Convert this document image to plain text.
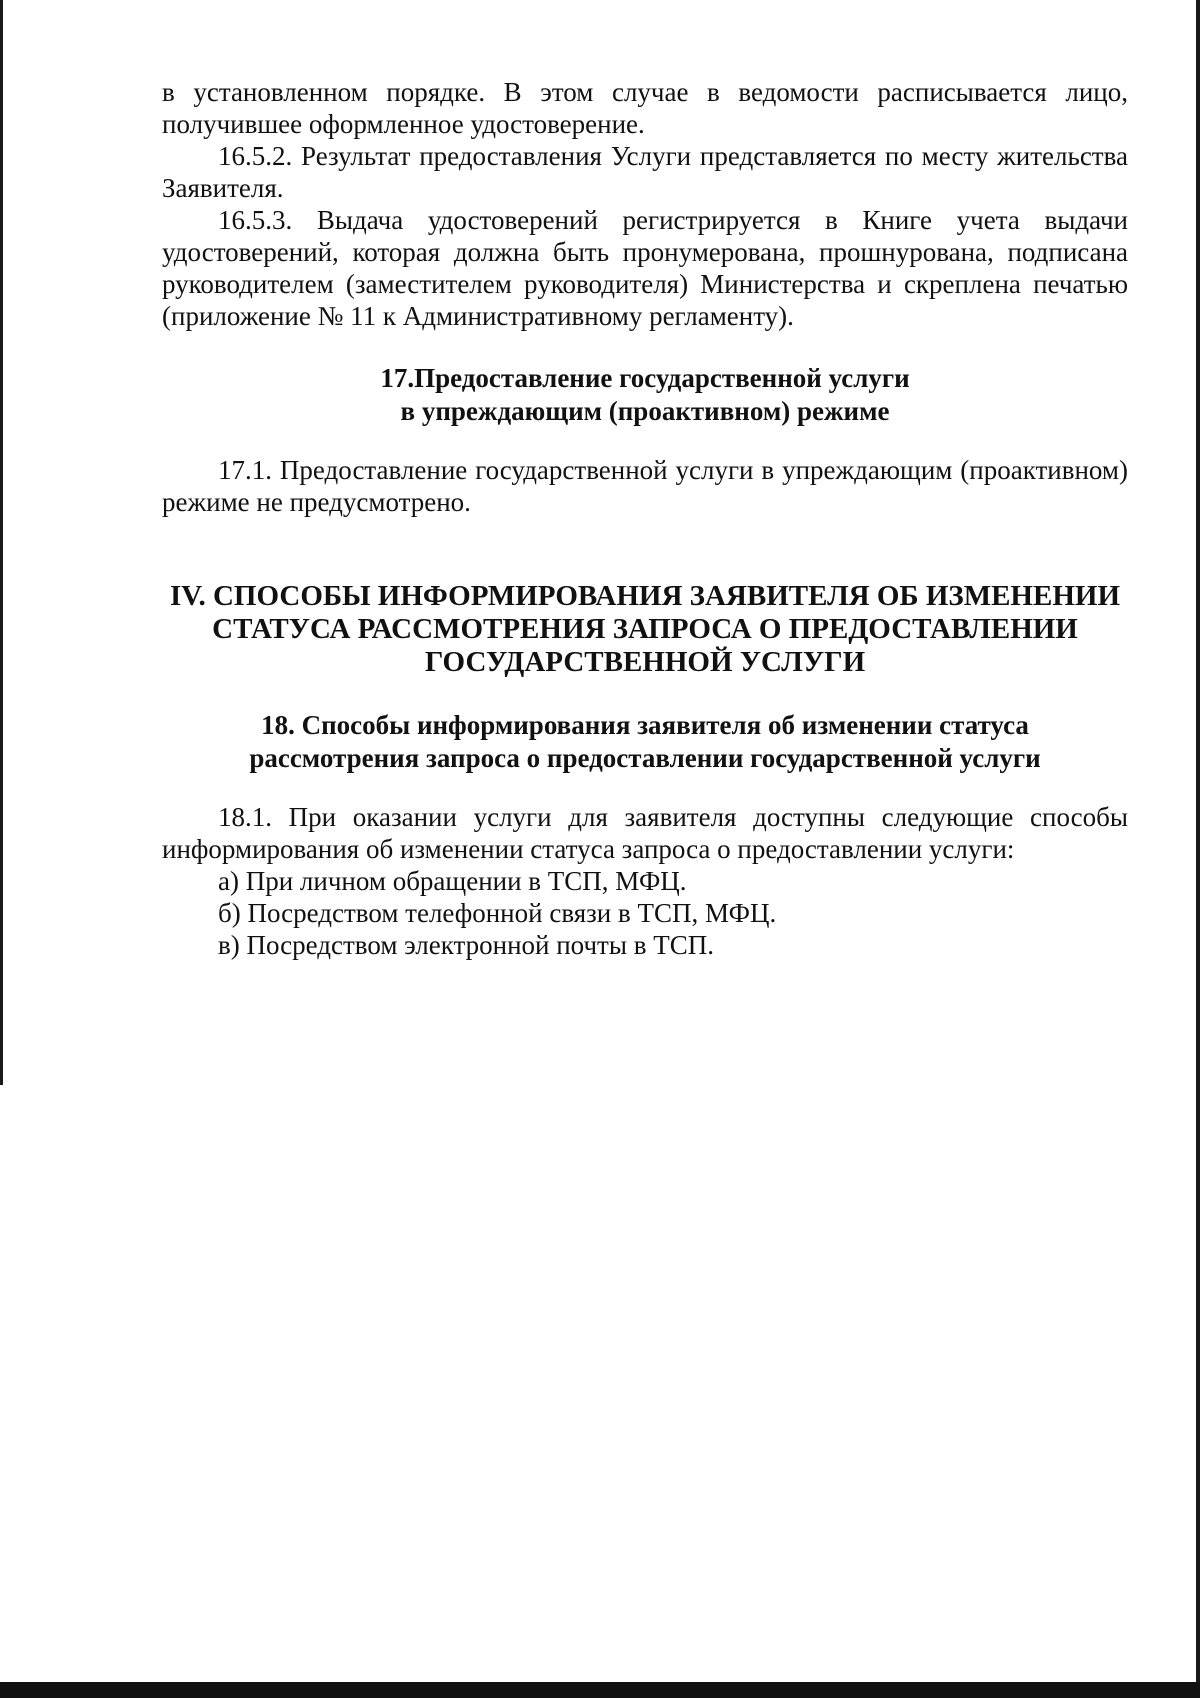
в установленном порядке. В этом случае в ведомости расписывается лицо, получившее оформленное удостоверение.

16.5.2. Результат предоставления Услуги представляется по месту жительства Заявителя.

16.5.3. Выдача удостоверений регистрируется в Книге учета выдачи удостоверений, которая должна быть пронумерована, прошнурована, подписана руководителем (заместителем руководителя) Министерства и скреплена печатью (приложение № 11 к Административному регламенту).

17.Предоставление государственной услуги

в упреждающим (проактивном) режиме

17.1. Предоставление государственной услуги в упреждающим (проактивном) режиме не предусмотрено.

IV. СПОСОБЫ ИНФОРМИРОВАНИЯ ЗАЯВИТЕЛЯ ОБ ИЗМЕНЕНИИ

СТАТУСА РАССМОТРЕНИЯ ЗАПРОСА О ПРЕДОСТАВЛЕНИИ

ГОСУДАРСТВЕННОЙ УСЛУГИ

18. Способы информирования заявителя об изменении статуса

рассмотрения запроса о предоставлении государственной услуги

18.1. При оказании услуги для заявителя доступны следующие способы информирования об изменении статуса запроса о предоставлении услуги:

а) При личном обращении в ТСП, МФЦ.

б) Посредством телефонной связи в ТСП, МФЦ.

в) Посредством электронной почты в ТСП.
